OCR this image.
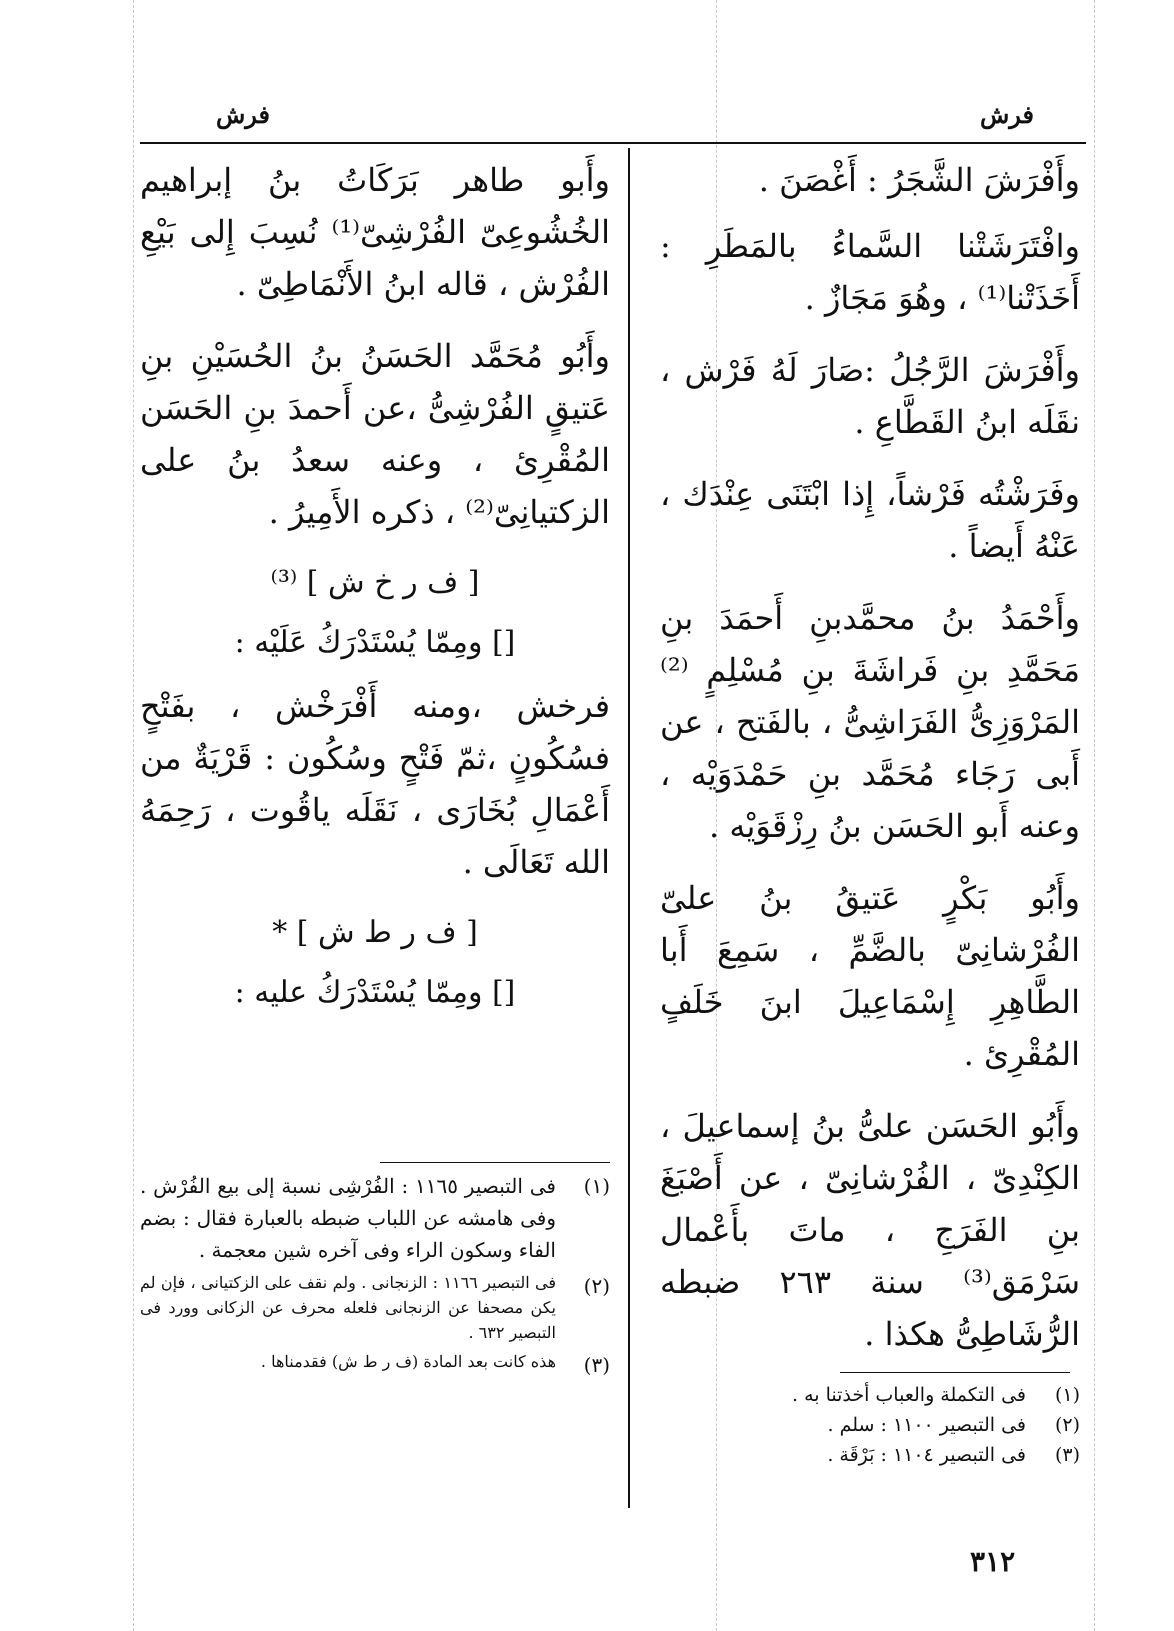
فرش
فرش

وأَفْرَشَ الشَّجَرُ : أَغْصَنَ .

وافْتَرَشَتْنا السَّماءُ بالمَطَرِ : أَخَذَتْنا⁽¹⁾ ، وهُوَ مَجَازٌ .

وأَفْرَشَ الرَّجُلُ :صَارَ لَهُ فَرْش ، نقَلَه ابنُ القَطَّاعِ .

وفَرَشْتُه فَرْشاً، إِذا ابْتَنَى عِنْدَك ، عَنْهُ أَيضاً .

وأَحْمَدُ بنُ محمَّدبنِ أَحمَدَ بنِ مَحَمَّدِ بنِ فَراشَةَ بنِ مُسْلِمٍ ⁽²⁾ المَرْوَزِىُّ الفَرَاشِىُّ ، بالفَتح ، عن أَبى رَجَاء مُحَمَّد بنِ حَمْدَوَيْه ، وعنه أَبو الحَسَن بنُ رِزْقَوَيْه .

وأَبُو بَكْرٍ عَتيقُ بنُ علىّ الفُرْشانِىّ بالضَّمِّ ، سَمِعَ أَبا الطَّاهِرِ إِسْمَاعِيلَ ابنَ خَلَفٍ المُقْرِئ .

وأَبُو الحَسَن علىُّ بنُ إسماعيلَ ، الكِنْدِىّ ، الفُرْشانِىّ ، عن أَصْبَغَ بنِ الفَرَجِ ، ماتَ بأَعْمال سَرْمَق⁽³⁾ سنة ٢٦٣ ضبطه الرُّشَاطِىُّ هكذا .

(١)
فى التكملة والعباب أخذتنا به .
(٢)
فى التبصير ١١٠٠ : سلم .
(٣)
فى التبصير ١١٠٤ : بَرْقَة .

وأَبو طاهر بَرَكَاتُ بنُ إبراهيم الخُشُوعِىّ الفُرْشِىّ⁽¹⁾ نُسِبَ إِلى بَيْعِ الفُرْش ، قاله ابنُ الأَنْمَاطِىّ .

وأَبُو مُحَمَّد الحَسَنُ بنُ الحُسَيْنِ بنِ عَتيقٍ الفُرْشِىُّ ،عن أَحمدَ بنِ الحَسَن المُقْرِئ ، وعنه سعدُ بنُ على الزكتيانِىّ⁽²⁾ ، ذكره الأَمِيرُ .

[ ف ر خ ش ] ⁽³⁾
[] ومِمّا يُسْتَدْرَكُ عَلَيْه :

فرخش ،ومنه أَفْرَخْش ، بفَتْحٍ فسُكُونٍ ،ثمّ فَتْحٍ وسُكُون : قَرْيَةٌ من أَعْمَالِ بُخَارَى ، نَقَلَه ياقُوت ، رَحِمَهُ الله تَعَالَى .

[ ف ر ط ش ] *
[] ومِمّا يُسْتَدْرَكُ عليه :
(١)
فى التبصير ١١٦٥ : الفُرْشِى نسبة إلى بيع الفُرْش . وفى هامشه عن اللباب ضبطه بالعبارة فقال : بضم الفاء وسكون الراء وفى آخره شين معجمة .
(٢)
فى التبصير ١١٦٦ : الزنجانى . ولم نقف على الزكتيانى ، فإن لم يكن مصحفا عن الزنجانى فلعله محرف عن الزكانى وورد فى التبصير ٦٣٢ .
(٣)
هذه كانت بعد المادة (ف ر ط ش) فقدمناها .
٣١٢
